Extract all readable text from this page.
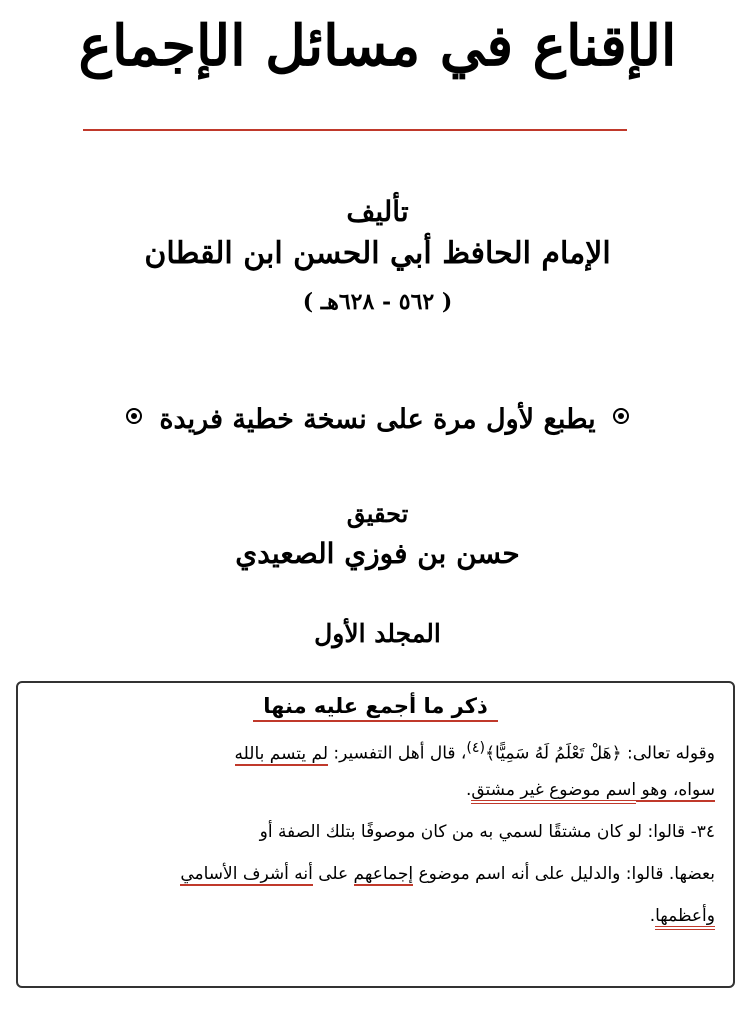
الإقناع في مسائل الإجماع
تأليف
الإمام الحافظ أبي الحسن ابن القطان
( ٥٦٢ - ٦٢٨هـ )
يطبع لأول مرة على نسخة خطية فريدة
تحقيق
حسن بن فوزي الصعيدي
المجلد الأول
ذكر ما أجمع عليه منها
وقوله تعالى: ﴿هَلْ تَعْلَمُ لَهُ سَمِيًّا﴾$^{(٤)}$، قال أهل التفسير: لم يتسم بالله
سواه، وهو اسم موضوع غير مشتق.
٣٤- قالوا: لو كان مشتقًا لسمي به من كان موصوفًا بتلك الصفة أو
بعضها. قالوا: والدليل على أنه اسم موضوع إجماعهم على أنه أشرف الأسامي
وأعظمها.
